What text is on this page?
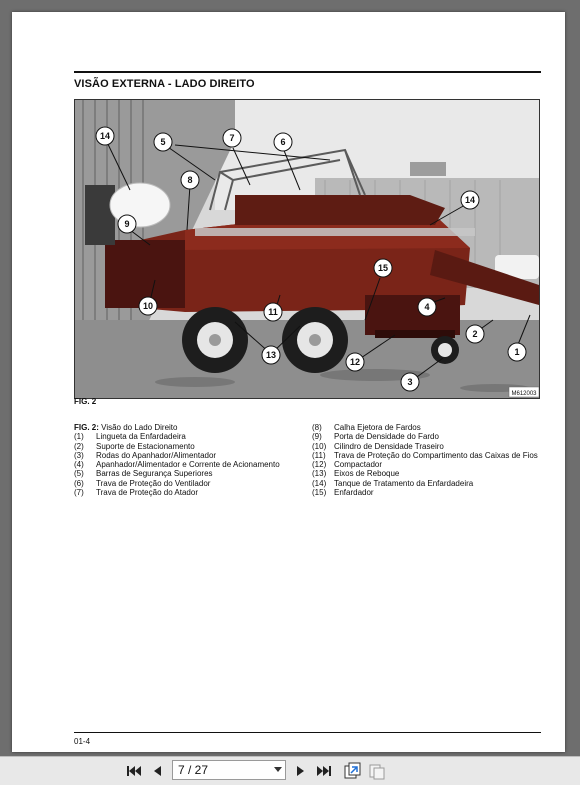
VISÃO EXTERNA - LADO DIREITO
14
5	7	6
8
9
14
15
10
11	4
2
13
12
1
3
M612003
FIG. 2
FIG. 2: Visão do Lado Direito
(1)	Lingueta da Enfardadeira
(2)	Suporte de Estacionamento
(3)	Rodas do Apanhador/Alimentador
(4)	Apanhador/Alimentador e Corrente de Acionamento
(5)	Barras de Segurança Superiores
(6)	Trava de Proteção do Ventilador
(7)	Trava de Proteção do Atador
(8)	Calha Ejetora de Fardos
(9)	Porta de Densidade do Fardo
(10) Cilindro de Densidade Traseiro
(11)	Trava de Proteção do Compartimento das Caixas de Fios
(12) Compactador
(13) Eixos de Reboque
(14) Tanque de Tratamento da Enfardadeira
(15) Enfardador
01-4
7 / 27
